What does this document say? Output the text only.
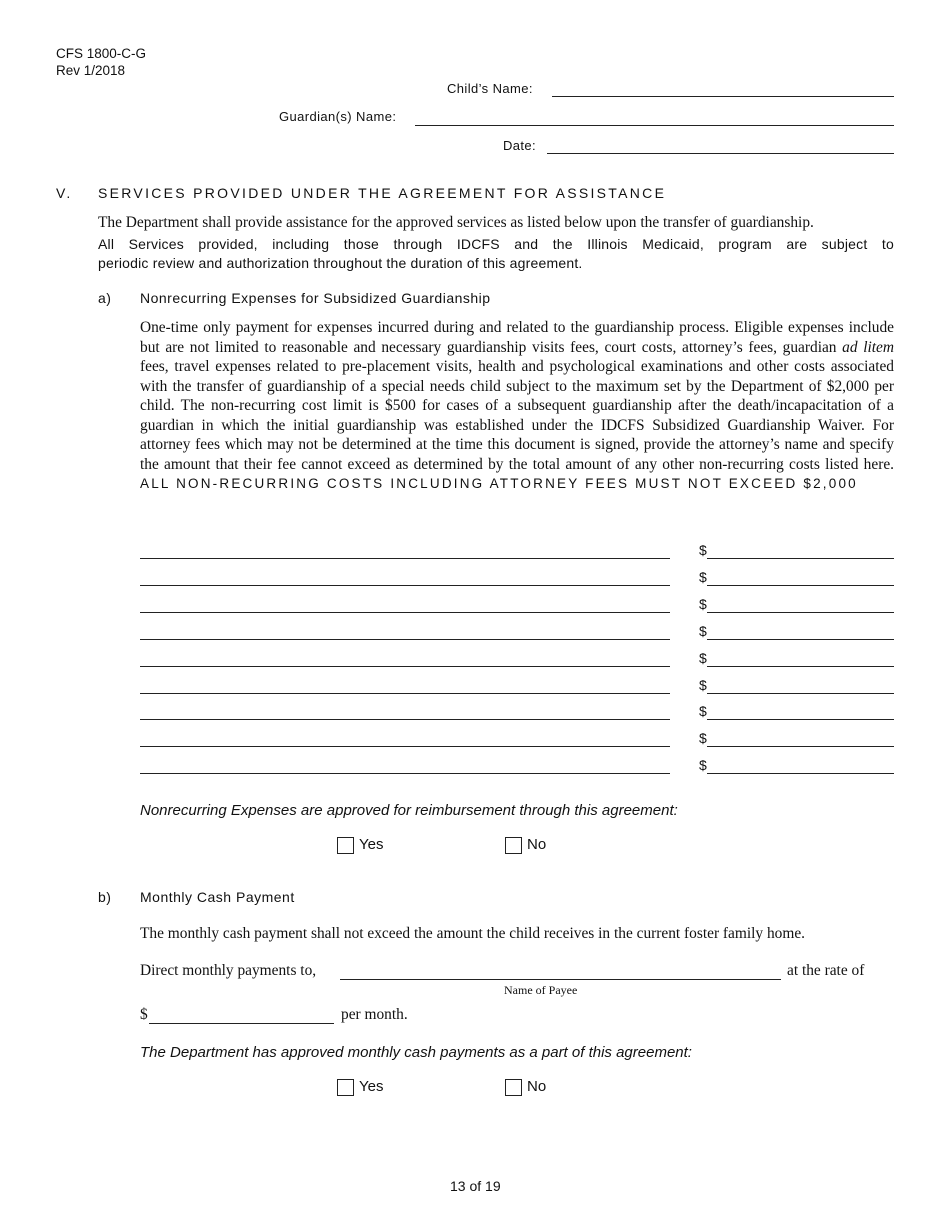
CFS 1800-C-G
Rev 1/2018
Child’s Name:
Guardian(s) Name:
Date:
V. SERVICES PROVIDED UNDER THE AGREEMENT FOR ASSISTANCE
The Department shall provide assistance for the approved services as listed below upon the transfer of guardianship.
All Services provided, including those through IDCFS and the Illinois Medicaid, program are subject to
periodic review and authorization throughout the duration of this agreement.
a) Nonrecurring Expenses for Subsidized Guardianship
One-time only payment for expenses incurred during and related to the guardianship process. Eligible expenses include but are not limited to reasonable and necessary guardianship visits fees, court costs, attorney’s fees, guardian ad litem fees, travel expenses related to pre-placement visits, health and psychological examinations and other costs associated with the transfer of guardianship of a special needs child subject to the maximum set by the Department of $2,000 per child. The non-recurring cost limit is $500 for cases of a subsequent guardianship after the death/incapacitation of a guardian in which the initial guardianship was established under the IDCFS Subsidized Guardianship Waiver. For attorney fees which may not be determined at the time this document is signed, provide the attorney’s name and specify the amount that their fee cannot exceed as determined by the total amount of any other non-recurring costs listed here. ALL NON-RECURRING COSTS INCLUDING ATTORNEY FEES MUST NOT EXCEED $2,000
$
$
$
$
$
$
$
$
$
Nonrecurring Expenses are approved for reimbursement through this agreement:
Yes	No
b) Monthly Cash Payment
The monthly cash payment shall not exceed the amount the child receives in the current foster family home.
Direct monthly payments to,	at the rate of
Name of Payee
$	per month.
The Department has approved monthly cash payments as a part of this agreement:
Yes	No
13 of 19
